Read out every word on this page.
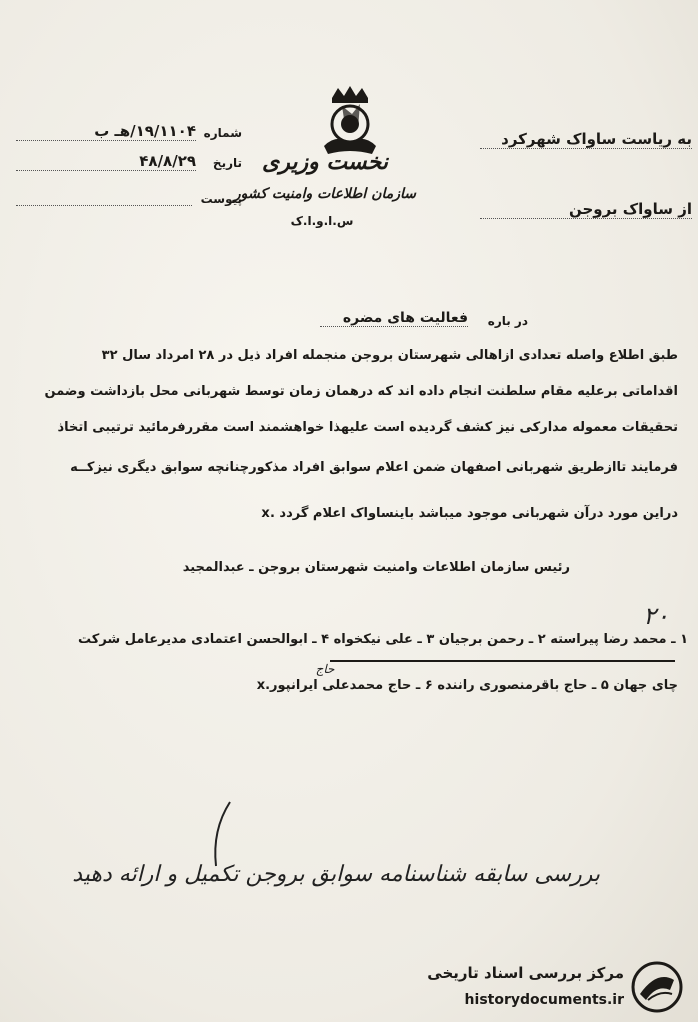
شماره
۱۹/۱۱۰۴/هـ ب
تاریخ
۴۸/۸/۲۹
پیوست
نخست وزیری
سازمان اطلاعات وامنیت کشور
س.ا.و.ا.ک
به ریاست ساواک شهرکرد
از ساواک بروجن
در باره
فعالیت های مضره
طبق اطلاع واصله تعدادی ازاهالی شهرستان بروجن منجمله افراد ذیل در ۲۸ امرداد سال ۳۲
اقداماتی برعلیه مقام سلطنت انجام داده اند که درهمان زمان توسط شهربانی محل بازداشت وضمن
تحقیقات معموله مدارکی نیز کشف گردیده است علیهذا خواهشمند است مقررفرمائید ترتیبی اتخاذ
فرمایند تاازطریق شهربانی اصفهان ضمن اعلام سوابق افراد مذکورچنانچه سوابق دیگری نیزکــه
دراین مورد درآن شهربانی موجود میباشد باینساواک اعلام گردد .x
رئیس سازمان اطلاعات وامنیت شهرستان بروجن ـ عبدالمجید
۲۰
۱ ـ محمد رضا پیراسته ۲ ـ رحمن برجیان ۳ ـ علی نیکخواه ۴ ـ ابوالحسن اعتمادی مدیرعامل شرکت
حاج
چای جهان ۵ ـ حاج باقرمنصوری راننده ۶ ـ حاج محمدعلی ایرانپور.x
بررسی سابقه شناسنامه سوابق بروجن تکمیل و ارائه دهید
مرکز بررسی اسناد تاریخی
historydocuments.ir
